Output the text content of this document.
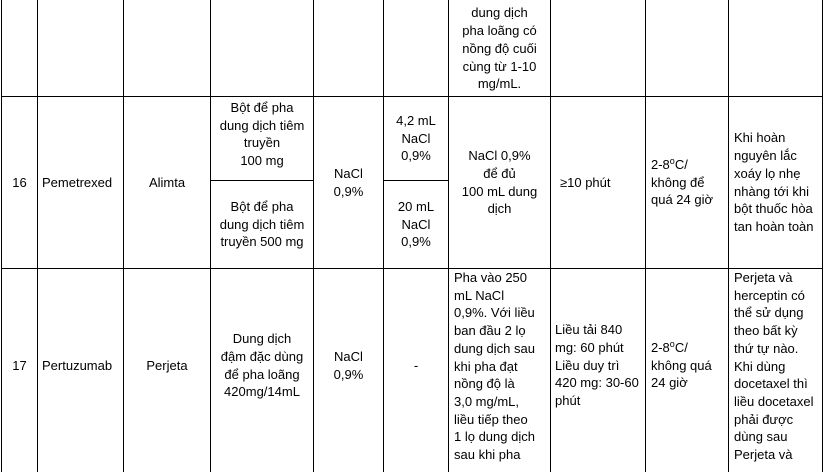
dung dịch
pha loãng có
nồng độ cuối
cùng từ 1-10
mg/mL.
16 Pemetrexed	Alimta
Bột để pha
dung dịch tiêm
truyền
100 mg
Bột để pha
dung dịch tiêm
truyền 500 mg
NaCl
0,9%
4,2 mL
NaCl
0,9%
20 mL
NaCl
0,9%
NaCl 0,9%
để đủ
100 mL dung
dịch
≥10 phút
2-8$^o$C/
không để
quá 24 giờ
Khi hoàn
nguyên lắc
xoáy lọ nhẹ
nhàng tới khi
bột thuốc hòa
tan hoàn toàn
17 Pertuzumab	Perjeta
Dung dịch
đậm đặc dùng
để pha loãng
420mg/14mL
NaCl
0,9%
-
Pha vào 250
mL NaCl
0,9%. Với liều
ban đầu 2 lọ
dung dịch sau
khi pha đạt
nồng độ là
3,0 mg/mL,
liều tiếp theo
1 lọ dung dịch
sau khi pha
Liều tải 840
mg: 60 phút
Liều duy trì
420 mg: 30-60
phút
2-8$^o$C/
không quá
24 giờ
Perjeta và
herceptin có
thể sử dụng
theo bất kỳ
thứ tự nào.
Khi dùng
docetaxel thì
liều docetaxel
phải được
dùng sau
Perjeta và
